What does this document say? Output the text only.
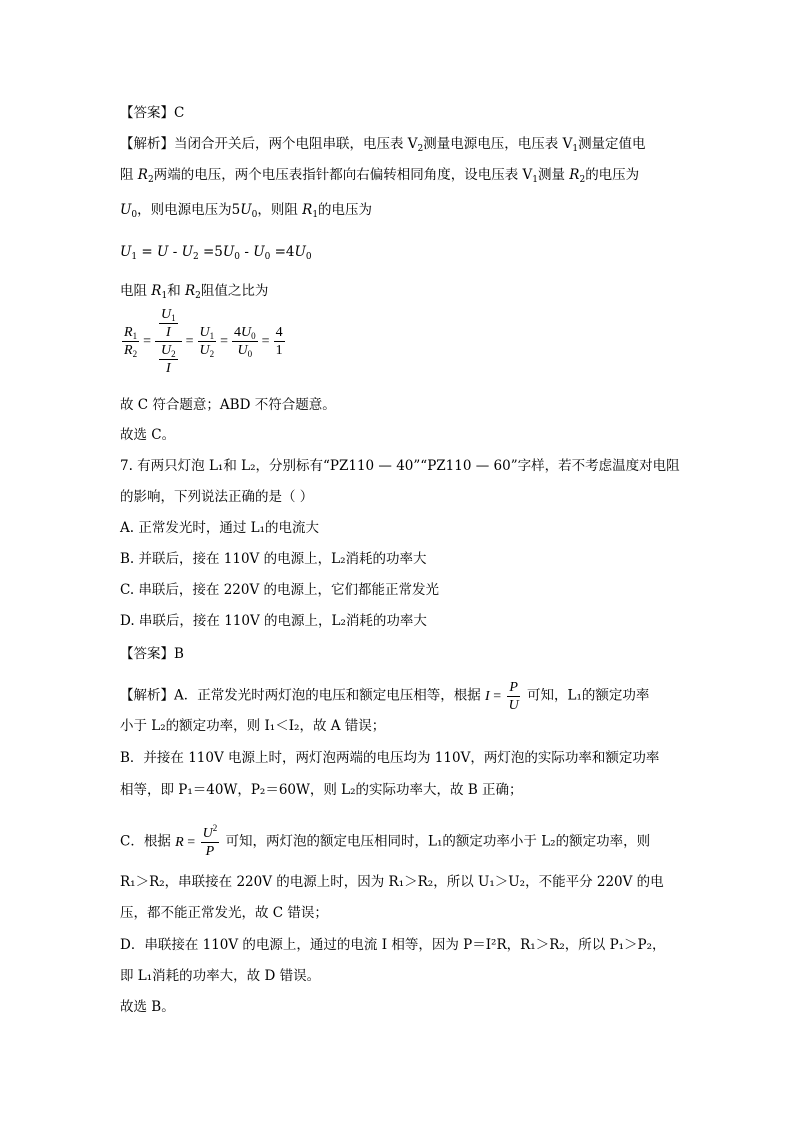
【答案】C
【解析】当闭合开关后，两个电阻串联，电压表 $V_2$测量电源电压，电压表 $V_1$测量定值电
阻 $R_2$两端的电压，两个电压表指针都向右偏转相同角度，设电压表 $V_1$测量 $R_2$的电压为
$U_0$，则电源电压为$5U_0$，则阻 $R_1$的电压为
$U_1 = U - U_2 =5U_0 - U_0 =4U_0$
电阻 $R_1$和 $R_2$阻值之比为
$\frac{R_1}{R_2} = \frac{\frac{U_1}{I}}{\frac{U_2}{I}} = \frac{U_1}{U_2} = \frac{4U_0}{U_0} = \frac{4}{1}$
故 C 符合题意；ABD 不符合题意。
故选 C。
7. 有两只灯泡 L₁和 L₂，分别标有“PZ110 — 40”“PZ110 — 60”字样，若不考虑温度对电阻
的影响，下列说法正确的是（ ）
A. 正常发光时，通过 L₁的电流大
B. 并联后，接在 110V 的电源上，L₂消耗的功率大
C. 串联后，接在 220V 的电源上，它们都能正常发光
D. 串联后，接在 110V 的电源上，L₂消耗的功率大
【答案】B
【解析】A．正常发光时两灯泡的电压和额定电压相等，根据 $I = \frac{P}{U}$ 可知，L₁的额定功率
小于 L₂的额定功率，则 I₁＜I₂，故 A 错误；
B．并接在 110V 电源上时，两灯泡两端的电压均为 110V，两灯泡的实际功率和额定功率
相等，即 P₁＝40W，P₂＝60W，则 L₂的实际功率大，故 B 正确；
C．根据 $R = \frac{U^2}{P}$ 可知，两灯泡的额定电压相同时，L₁的额定功率小于 L₂的额定功率，则
R₁＞R₂，串联接在 220V 的电源上时，因为 R₁＞R₂，所以 U₁＞U₂，不能平分 220V 的电
压，都不能正常发光，故 C 错误；
D．串联接在 110V 的电源上，通过的电流 I 相等，因为 P＝I²R，R₁＞R₂，所以 P₁＞P₂，
即 L₁消耗的功率大，故 D 错误。
故选 B。
